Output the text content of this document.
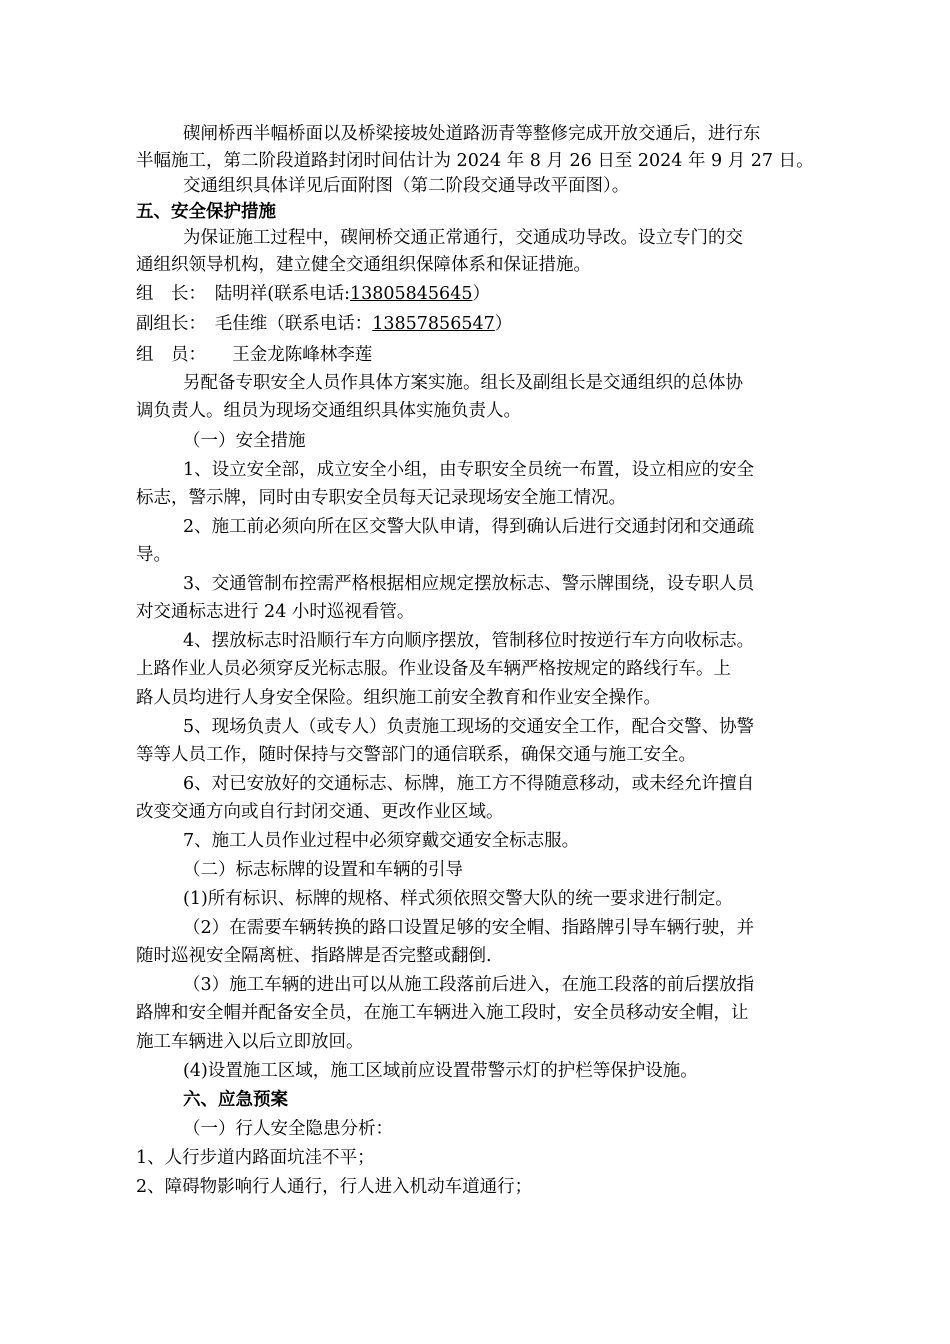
碶闸桥西半幅桥面以及桥梁接坡处道路沥青等整修完成开放交通后，进行东
半幅施工，第二阶段道路封闭时间估计为 2024 年 8 月 26 日至 2024 年 9 月 27 日。
交通组织具体详见后面附图（第二阶段交通导改平面图）。
五、安全保护措施
为保证施工过程中，碶闸桥交通正常通行，交通成功导改。设立专门的交
通组织领导机构，建立健全交通组织保障体系和保证措施。
组　长：　陆明祥(联系电话:13805845645）
副组长：　毛佳维（联系电话：13857856547）
组　员：　　王金龙陈峰林李莲
另配备专职安全人员作具体方案实施。组长及副组长是交通组织的总体协
调负责人。组员为现场交通组织具体实施负责人。
（一）安全措施
1、设立安全部，成立安全小组，由专职安全员统一布置，设立相应的安全
标志，警示牌，同时由专职安全员每天记录现场安全施工情况。
2、施工前必须向所在区交警大队申请，得到确认后进行交通封闭和交通疏
导。
3、交通管制布控需严格根据相应规定摆放标志、警示牌围绕，设专职人员
对交通标志进行 24 小时巡视看管。
4、摆放标志时沿顺行车方向顺序摆放，管制移位时按逆行车方向收标志。
上路作业人员必须穿反光标志服。作业设备及车辆严格按规定的路线行车。上
路人员均进行人身安全保险。组织施工前安全教育和作业安全操作。
5、现场负责人（或专人）负责施工现场的交通安全工作，配合交警、协警
等等人员工作，随时保持与交警部门的通信联系，确保交通与施工安全。
6、对已安放好的交通标志、标牌，施工方不得随意移动，或未经允许擅自
改变交通方向或自行封闭交通、更改作业区域。
7、施工人员作业过程中必须穿戴交通安全标志服。
（二）标志标牌的设置和车辆的引导
(1)所有标识、标牌的规格、样式须依照交警大队的统一要求进行制定。
（2）在需要车辆转换的路口设置足够的安全帽、指路牌引导车辆行驶，并
随时巡视安全隔离桩、指路牌是否完整或翻倒.
（3）施工车辆的进出可以从施工段落前后进入，在施工段落的前后摆放指
路牌和安全帽并配备安全员，在施工车辆进入施工段时，安全员移动安全帽，让
施工车辆进入以后立即放回。
(4)设置施工区域，施工区域前应设置带警示灯的护栏等保护设施。
六、应急预案
（一）行人安全隐患分析：
1、人行步道内路面坑洼不平；
2、障碍物影响行人通行，行人进入机动车道通行；
